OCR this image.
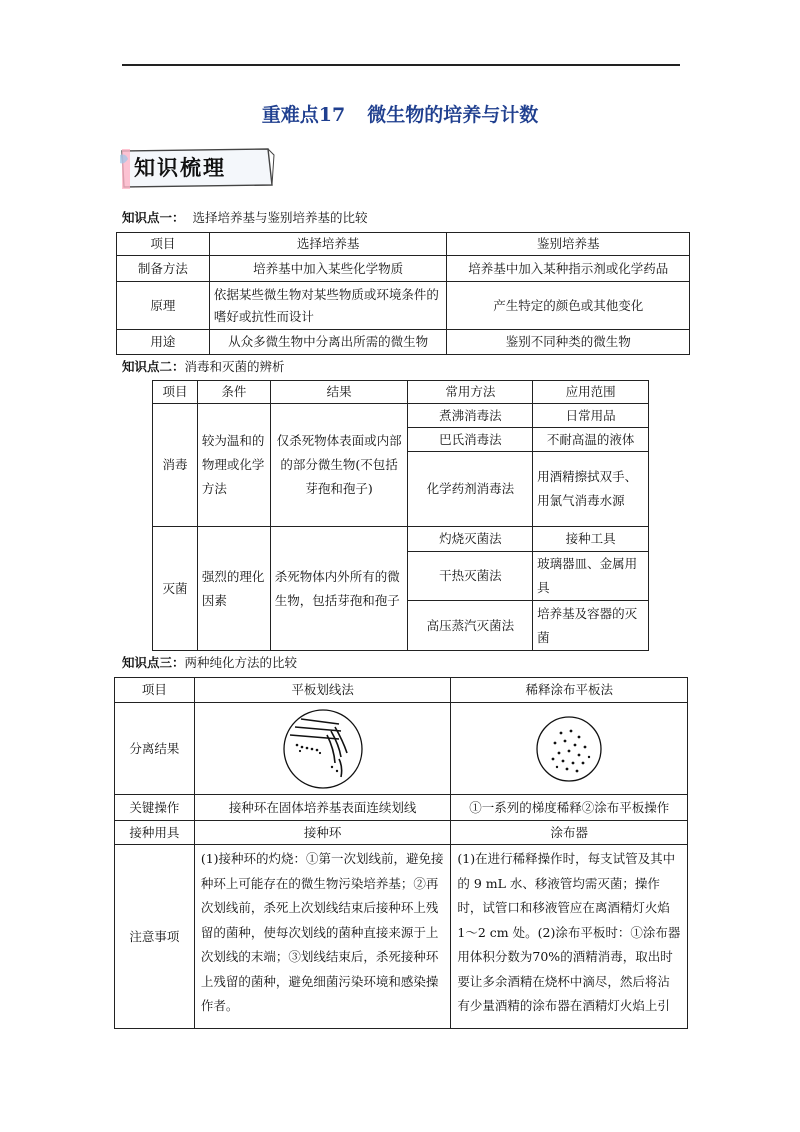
重难点17 微生物的培养与计数
知识梳理
知识点一： 选择培养基与鉴别培养基的比较
项目	选择培养基	鉴别培养基
制备方法	培养基中加入某些化学物质	培养基中加入某种指示剂或化学药品
原理	依据某些微生物对某些物质或环境条件的嗜好或抗性而设计	产生特定的颜色或其他变化
用途	从众多微生物中分离出所需的微生物	鉴别不同种类的微生物
知识点二：消毒和灭菌的辨析
项目	条件	结果	常用方法	应用范围
消毒	较为温和的物理或化学方法	仅杀死物体表面或内部的部分微生物(不包括芽孢和孢子)	煮沸消毒法	日常用品
			巴氏消毒法	不耐高温的液体
			化学药剂消毒法	用酒精擦拭双手、用氯气消毒水源
灭菌	强烈的理化因素	杀死物体内外所有的微生物，包括芽孢和孢子	灼烧灭菌法	接种工具
			干热灭菌法	玻璃器皿、金属用具
			高压蒸汽灭菌法	培养基及容器的灭菌
知识点三：两种纯化方法的比较
项目	平板划线法	稀释涂布平板法
分离结果	

关键操作	接种环在固体培养基表面连续划线	①一系列的梯度稀释②涂布平板操作
接种用具	接种环	涂布器
注意事项	(1)接种环的灼烧：①第一次划线前，避免接种环上可能存在的微生物污染培养基；②再次划线前，杀死上次划线结束后接种环上残留的菌种，使每次划线的菌种直接来源于上次划线的末端；③划线结束后，杀死接种环上残留的菌种，避免细菌污染环境和感染操作者。	(1)在进行稀释操作时，每支试管及其中的 9 mL 水、移液管均需灭菌；操作时，试管口和移液管应在离酒精灯火焰 1～2 cm 处。(2)涂布平板时：①涂布器用体积分数为70%的酒精消毒，取出时要让多余酒精在烧杯中滴尽，然后将沾有少量酒精的涂布器在酒精灯火焰上引
